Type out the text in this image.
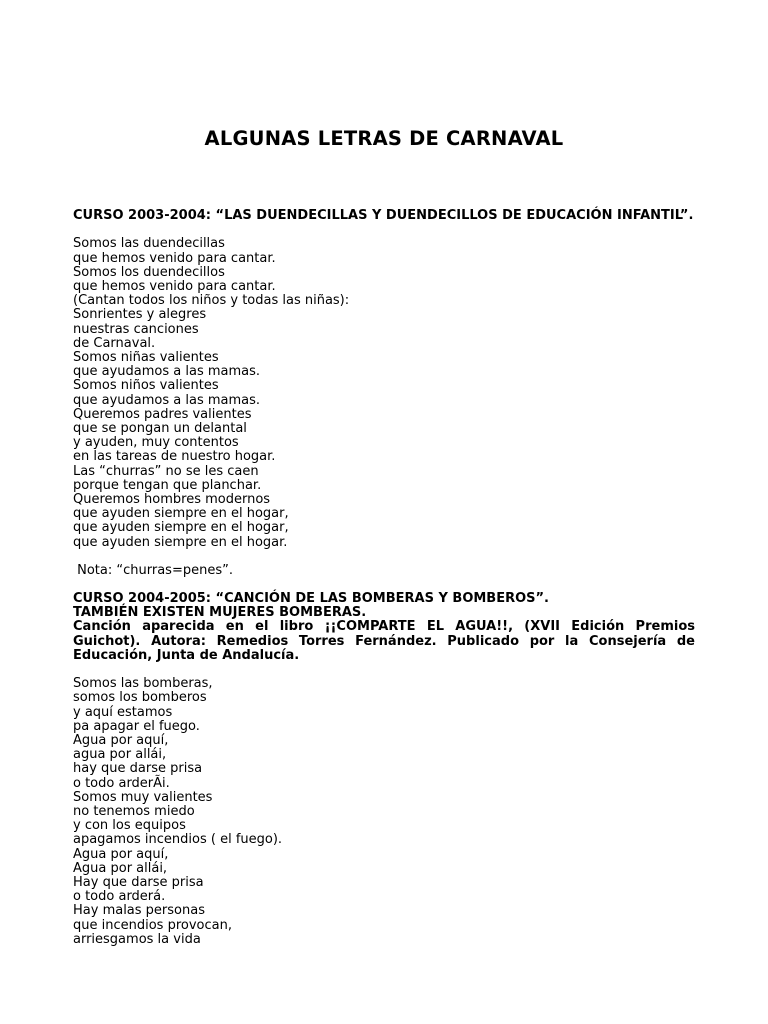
ALGUNAS LETRAS DE CARNAVAL
CURSO 2003-2004: “LAS DUENDECILLAS Y DUENDECILLOS DE EDUCACIÓN INFANTIL”.
Somos las duendecillas
que hemos venido para cantar.
Somos los duendecillos
que hemos venido para cantar.
(Cantan todos los niños y todas las niñas):
Sonrientes y alegres
nuestras canciones
de Carnaval.
Somos niñas valientes
que ayudamos a las mamas.
Somos niños valientes
que ayudamos a las mamas.
Queremos padres valientes
que se pongan un delantal
y ayuden, muy contentos
en las tareas de nuestro hogar.
Las “churras” no se les caen
porque tengan que planchar.
Queremos hombres modernos
que ayuden siempre en el hogar,
que ayuden siempre en el hogar,
que ayuden siempre en el hogar.
Nota: “churras=penes”.
CURSO 2004-2005: “CANCIÓN DE LAS BOMBERAS Y BOMBEROS”.
TAMBIÉN EXISTEN MUJERES BOMBERAS.
Canción aparecida en el libro ¡¡COMPARTE EL AGUA!!, (XVII Edición Premios Guichot). Autora: Remedios Torres Fernández. Publicado por la Consejería de Educación, Junta de Andalucía.
Somos las bomberas,
somos los bomberos
y aquí estamos
pa apagar el fuego.
Agua por aquí,
agua por allái,
hay que darse prisa
o todo arderÃi.
Somos muy valientes
no tenemos miedo
y con los equipos
apagamos incendios ( el fuego).
Agua por aquí,
Agua por allái,
Hay que darse prisa
o todo arderá.
Hay malas personas
que incendios provocan,
arriesgamos la vida
